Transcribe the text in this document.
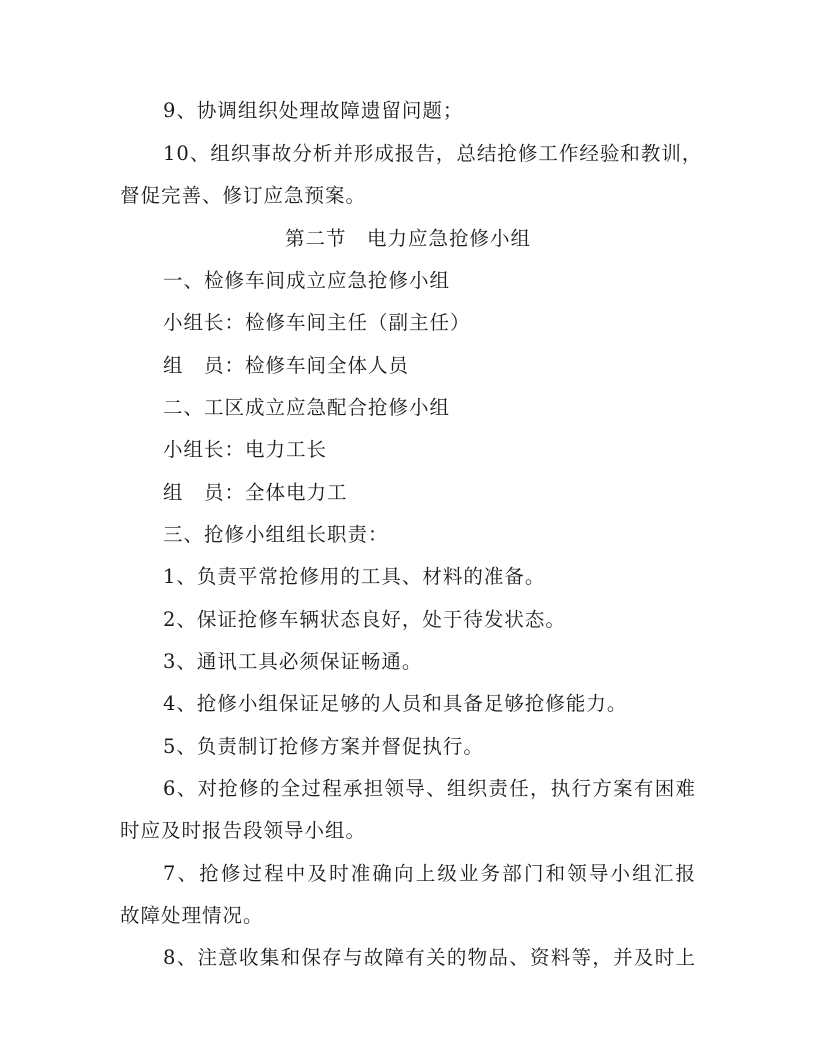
9、协调组织处理故障遗留问题；
10、组织事故分析并形成报告，总结抢修工作经验和教训，
督促完善、修订应急预案。
第二节　电力应急抢修小组
一、检修车间成立应急抢修小组
小组长：检修车间主任（副主任）
组　员：检修车间全体人员
二、工区成立应急配合抢修小组
小组长：电力工长
组　员：全体电力工
三、抢修小组组长职责：
1、负责平常抢修用的工具、材料的准备。
2、保证抢修车辆状态良好，处于待发状态。
3、通讯工具必须保证畅通。
4、抢修小组保证足够的人员和具备足够抢修能力。
5、负责制订抢修方案并督促执行。
6、对抢修的全过程承担领导、组织责任，执行方案有困难
时应及时报告段领导小组。
7、抢修过程中及时准确向上级业务部门和领导小组汇报
故障处理情况。
8、注意收集和保存与故障有关的物品、资料等，并及时上
